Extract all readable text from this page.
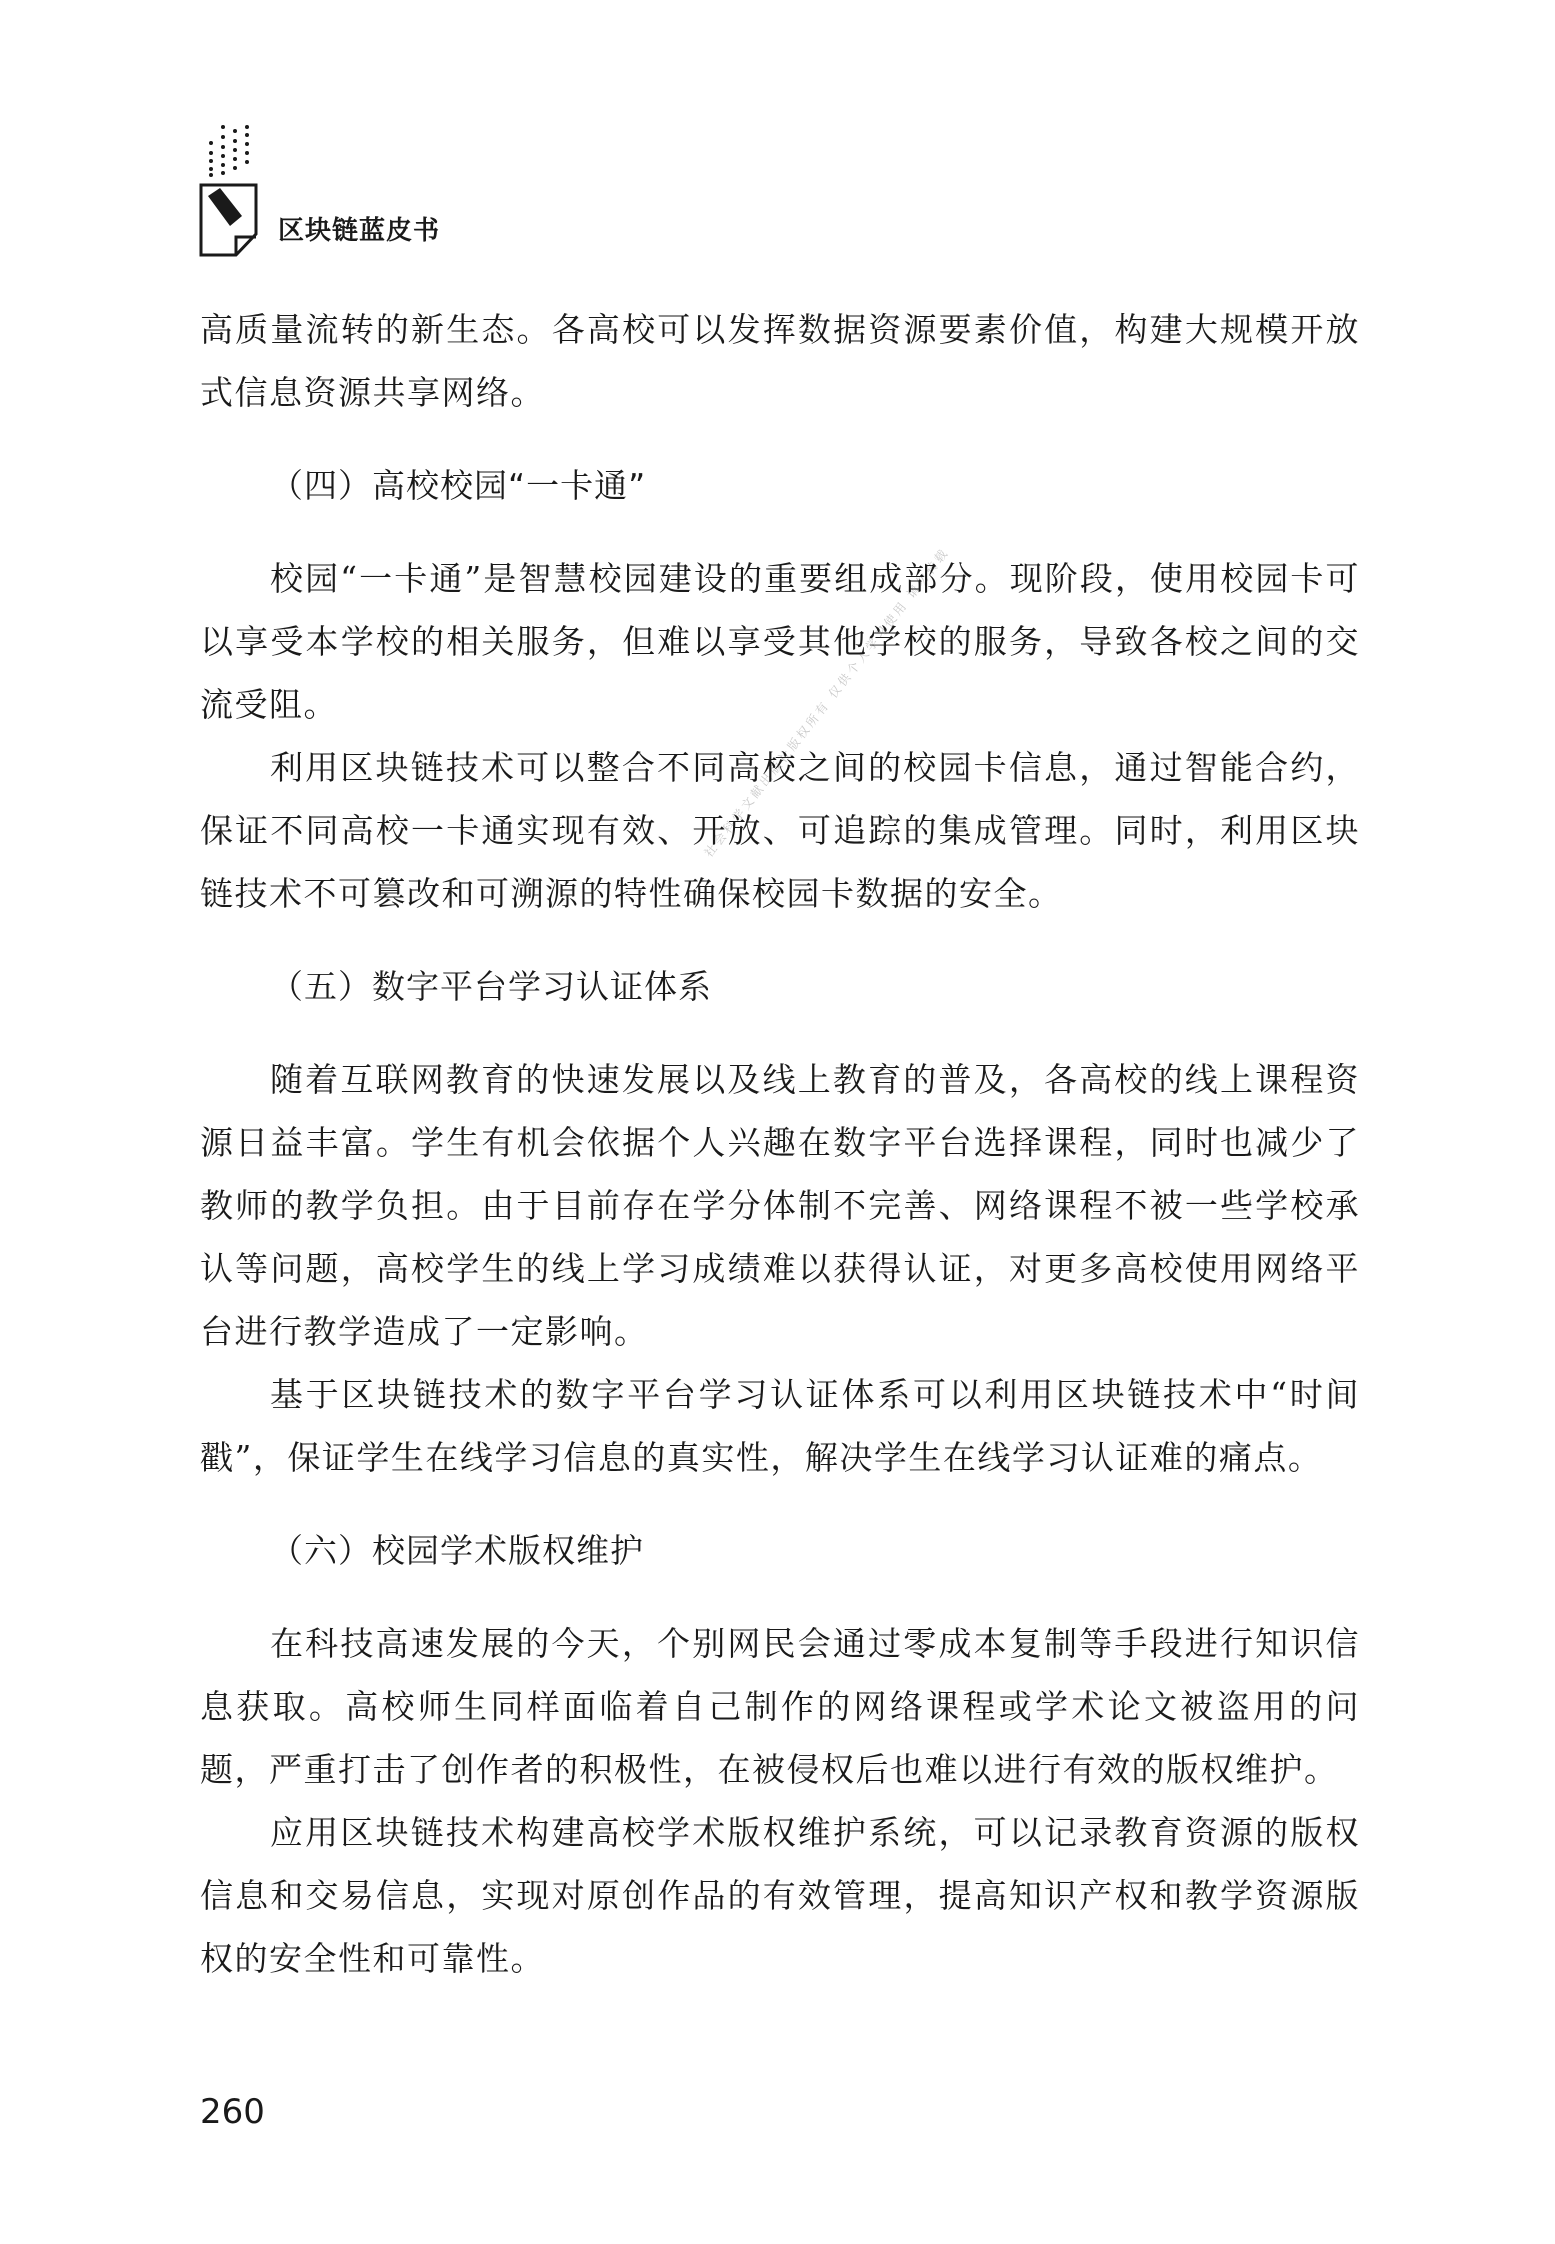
区块链蓝皮书
社会科学文献出版社版权所有 仅供个人学习使用 请勿转载

高质量流转的新生态。各高校可以发挥数据资源要素价值，构建大规模开放式信息资源共享网络。

（四）高校校园“一卡通”

校园“一卡通”是智慧校园建设的重要组成部分。现阶段，使用校园卡可以享受本学校的相关服务，但难以享受其他学校的服务，导致各校之间的交流受阻。

利用区块链技术可以整合不同高校之间的校园卡信息，通过智能合约，保证不同高校一卡通实现有效、开放、可追踪的集成管理。同时，利用区块链技术不可篡改和可溯源的特性确保校园卡数据的安全。

（五）数字平台学习认证体系

随着互联网教育的快速发展以及线上教育的普及，各高校的线上课程资源日益丰富。学生有机会依据个人兴趣在数字平台选择课程，同时也减少了教师的教学负担。由于目前存在学分体制不完善、网络课程不被一些学校承认等问题，高校学生的线上学习成绩难以获得认证，对更多高校使用网络平台进行教学造成了一定影响。

基于区块链技术的数字平台学习认证体系可以利用区块链技术中“时间戳”，保证学生在线学习信息的真实性，解决学生在线学习认证难的痛点。

（六）校园学术版权维护

在科技高速发展的今天，个别网民会通过零成本复制等手段进行知识信息获取。高校师生同样面临着自己制作的网络课程或学术论文被盗用的问题，严重打击了创作者的积极性，在被侵权后也难以进行有效的版权维护。

应用区块链技术构建高校学术版权维护系统，可以记录教育资源的版权信息和交易信息，实现对原创作品的有效管理，提高知识产权和教学资源版权的安全性和可靠性。

260
